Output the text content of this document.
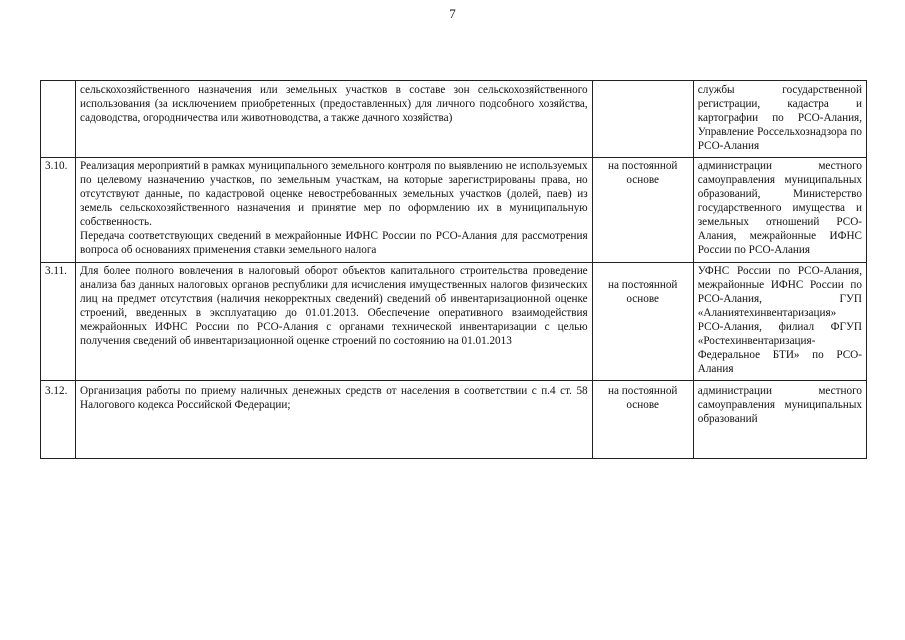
7

	сельскохозяйственного назначения или земельных участков в составе зон сельскохозяйственного использования (за исключением приобретенных (предоставленных) для личного подсобного хозяйства, садоводства, огородничества или животноводства, а также дачного хозяйства)		службы государственной регистрации, кадастра и картографии по РСО-Алания, Управление Россельхознадзора по РСО-Алания
3.10.	Реализация мероприятий в рамках муниципального земельного контроля по выявлению не используемых по целевому назначению участков, по земельным участкам, на которые зарегистрированы права, но отсутствуют данные, по кадастровой оценке невостребованных земельных участков (долей, паев) из земель сельскохозяйственного назначения и принятие мер по оформлению их в муниципальную собственность.
Передача соответствующих сведений в межрайонные ИФНС России по РСО-Алания для рассмотрения вопроса об основаниях применения ставки земельного налога	на постоянной основе	администрации местного самоуправления муниципальных образований, Министерство государственного имущества и земельных отношений РСО-Алания, межрайонные ИФНС России по РСО-Алания
3.11.	Для более полного вовлечения в налоговый оборот объектов капитального строительства проведение анализа баз данных налоговых органов республики для исчисления имущественных налогов физических лиц на предмет отсутствия (наличия некорректных сведений) сведений об инвентаризационной оценке строений, введенных в эксплуатацию до 01.01.2013. Обеспечение оперативного взаимодействия межрайонных ИФНС России по РСО-Алания с органами технической инвентаризации с целью получения сведений об инвентаризационной оценке строений по состоянию на 01.01.2013	на постоянной основе	УФНС России по РСО-Алания, межрайонные ИФНС России по РСО-Алания, ГУП «Аланиятехинвентаризация» РСО-Алания, филиал ФГУП «Ростехинвентаризация-Федеральное БТИ» по РСО-Алания
3.12.	Организация работы по приему наличных денежных средств от населения в соответствии с п.4 ст. 58 Налогового кодекса Российской Федерации;	на постоянной основе	администрации местного самоуправления муниципальных образований
